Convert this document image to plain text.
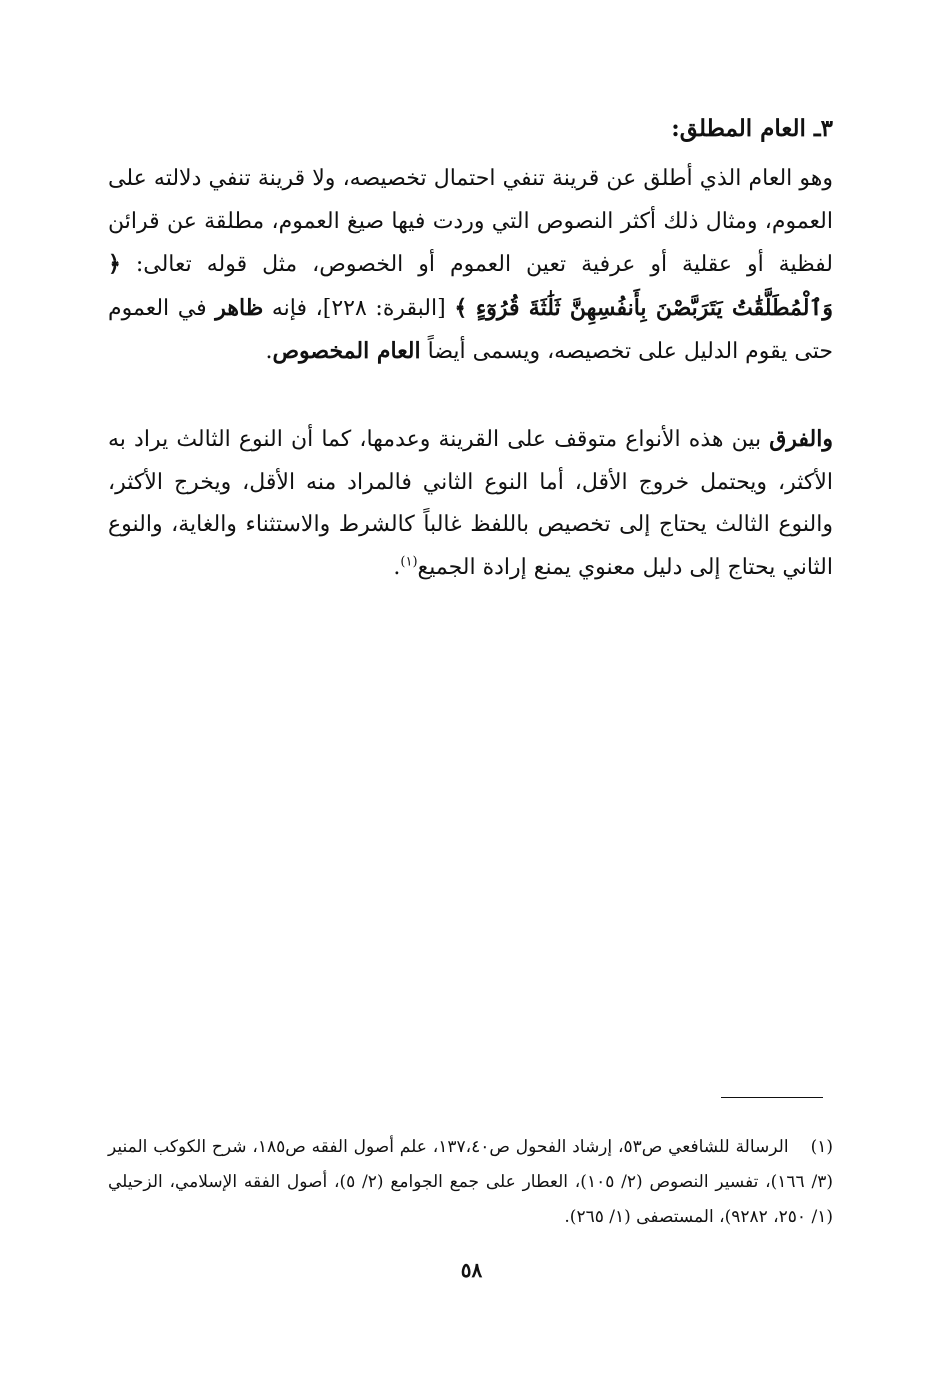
٣ـ العام المطلق:

وهو العام الذي أطلق عن قرينة تنفي احتمال تخصيصه، ولا قرينة تنفي دلالته على العموم، ومثال ذلك أكثر النصوص التي وردت فيها صيغ العموم، مطلقة عن قرائن لفظية أو عقلية أو عرفية تعين العموم أو الخصوص، مثل قوله تعالى: ﴿ وَٱلْمُطَلَّقَٰتُ يَتَرَبَّصْنَ بِأَنفُسِهِنَّ ثَلَٰثَةَ قُرُوٓءٍ ﴾ [البقرة: ٢٢٨]، فإنه ظاهر في العموم حتى يقوم الدليل على تخصيصه، ويسمى أيضاً العام المخصوص.

والفرق بين هذه الأنواع متوقف على القرينة وعدمها، كما أن النوع الثالث يراد به الأكثر، ويحتمل خروج الأقل، أما النوع الثاني فالمراد منه الأقل، ويخرج الأكثر، والنوع الثالث يحتاج إلى تخصيص باللفظ غالباً كالشرط والاستثناء والغاية، والنوع الثاني يحتاج إلى دليل معنوي يمنع إرادة الجميع$^{(١)}$.

(١)الرسالة للشافعي ص٥٣، إرشاد الفحول ص١٣٧،٤٠، علم أصول الفقه ص١٨٥، شرح الكوكب المنير (٣/ ١٦٦)، تفسير النصوص (٢/ ١٠٥)، العطار على جمع الجوامع (٢/ ٥)، أصول الفقه الإسلامي، الزحيلي (١/ ٢٥٠، ٩٢٨٢)، المستصفى (١/ ٢٦٥).

٥٨
